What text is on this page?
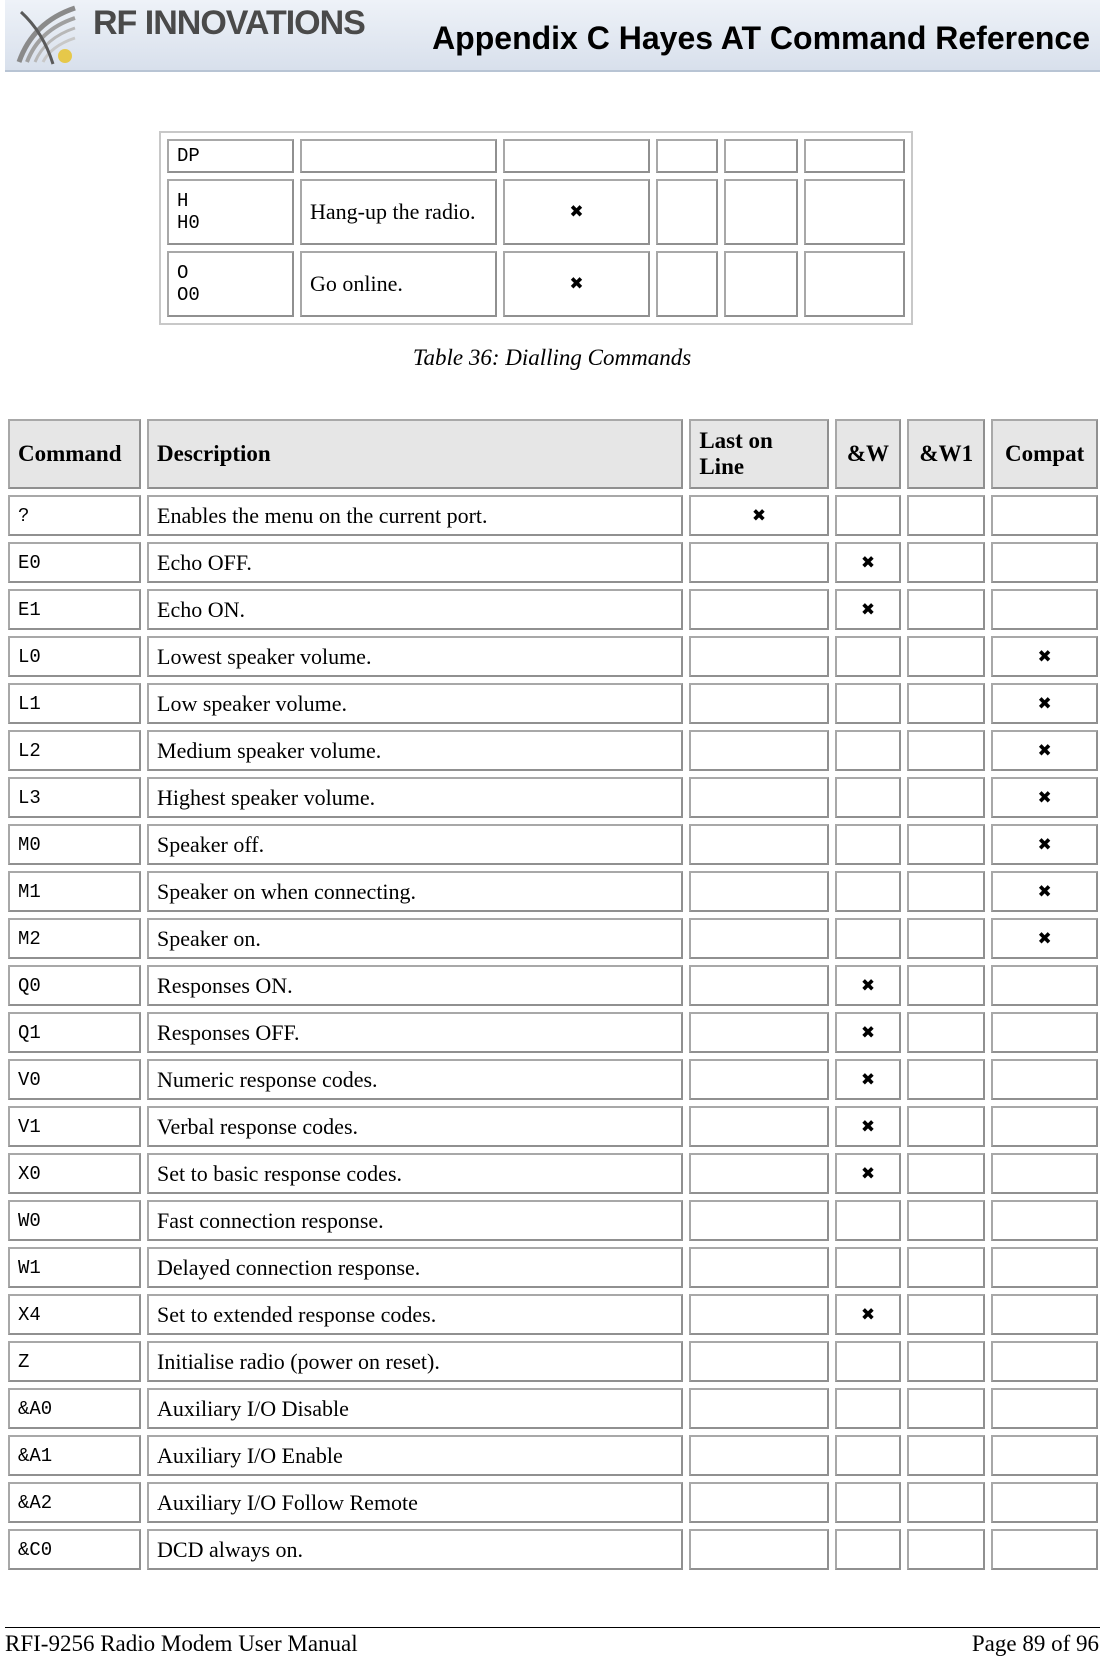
RF INNOVATIONS Appendix C Hayes AT Command Reference
DP					
H
H0	Hang-up the radio.	✖			
O
O0	Go online.	✖			
Table 36: Dialling Commands
Command	Description	Last on Line	&W	&W1	Compat
?	Enables the menu on the current port.	✖			
E0	Echo OFF.		✖		
E1	Echo ON.		✖		
L0	Lowest speaker volume.				✖
L1	Low speaker volume.				✖
L2	Medium speaker volume.				✖
L3	Highest speaker volume.				✖
M0	Speaker off.				✖
M1	Speaker on when connecting.				✖
M2	Speaker on.				✖
Q0	Responses ON.		✖		
Q1	Responses OFF.		✖		
V0	Numeric response codes.		✖		
V1	Verbal response codes.		✖		
X0	Set to basic response codes.		✖		
W0	Fast connection response.				
W1	Delayed connection response.				
X4	Set to extended response codes.		✖		
Z	Initialise radio (power on reset).				
&A0	Auxiliary I/O Disable				
&A1	Auxiliary I/O Enable				
&A2	Auxiliary I/O Follow Remote				
&C0	DCD always on.				
RFI-9256 Radio Modem User Manual	Page 89 of 96
